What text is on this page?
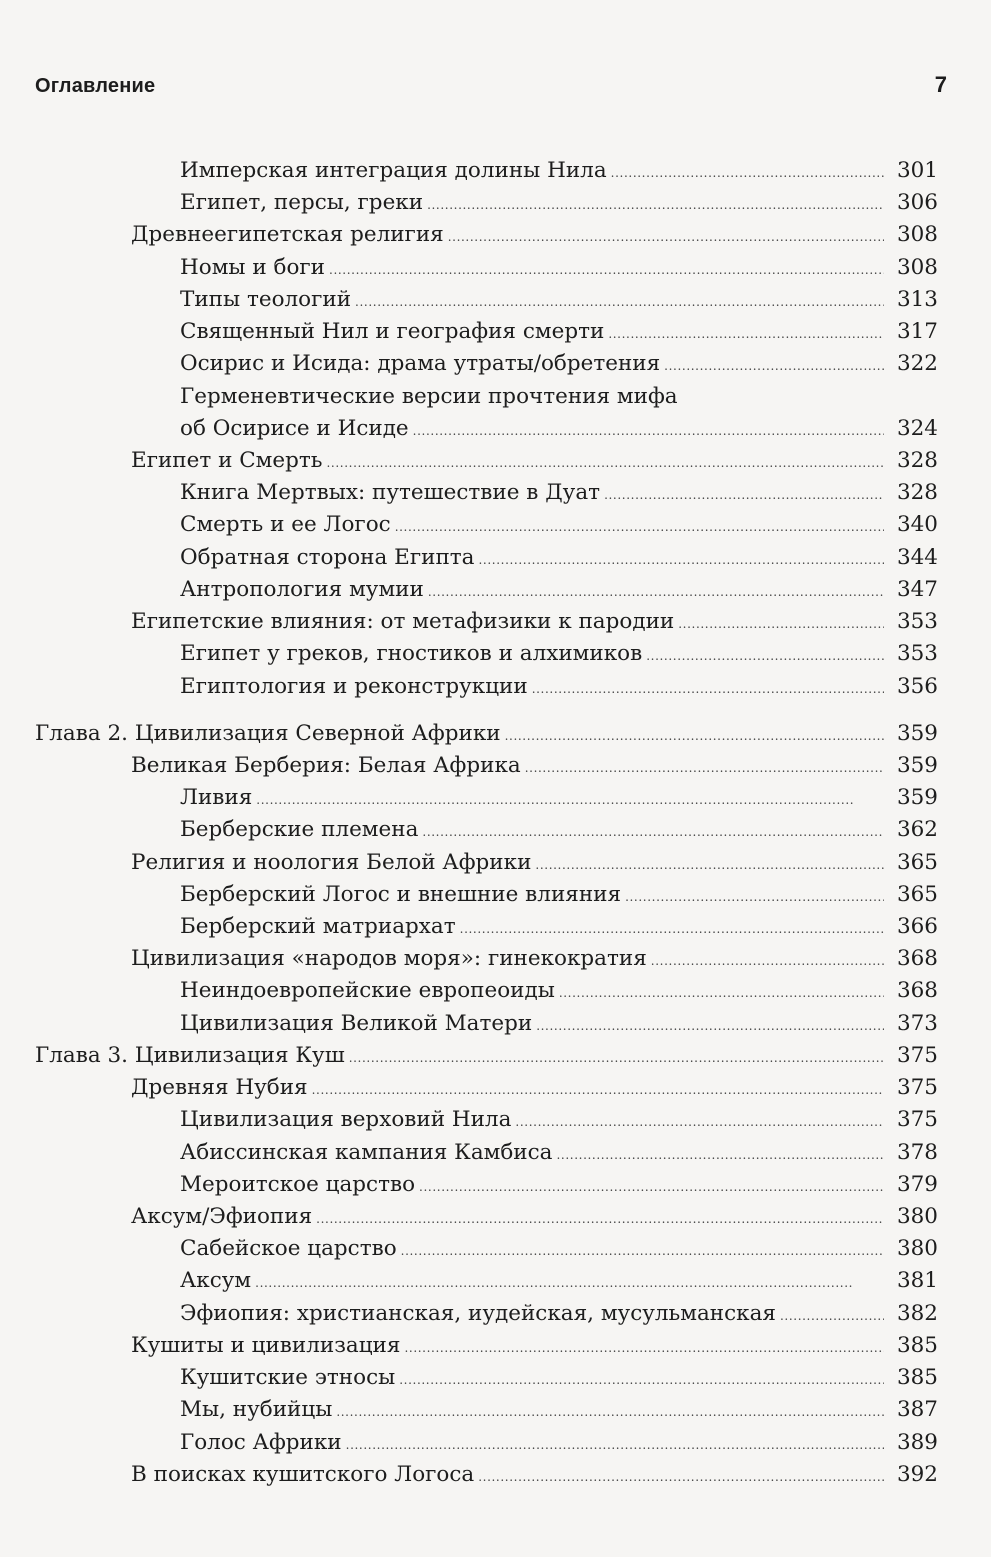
Оглавление	7
Имперская интеграция долины Нила . . .	301
Египет, персы, греки . . .	306
Древнеегипетская религия . . .	308
Номы и боги . . .	308
Типы теологий . . .	313
Священный Нил и география смерти . . .	317
Осирис и Исида: драма утраты/обретения . . .	322
Герменевтические версии прочтения мифа
об Осирисе и Исиде . . .	324
Египет и Смерть . . .	328
Книга Мертвых: путешествие в Дуат . . .	328
Смерть и ее Логос . . .	340
Обратная сторона Египта . . .	344
Антропология мумии . . .	347
Египетские влияния: от метафизики к пародии . . .	353
Египет у греков, гностиков и алхимиков . . .	353
Египтология и реконструкции . . .	356
Глава 2. Цивилизация Северной Африки . . .	359
Великая Берберия: Белая Африка . . .	359
Ливия . . .	359
Берберские племена . . .	362
Религия и ноология Белой Африки . . .	365
Берберский Логос и внешние влияния . . .	365
Берберский матриархат . . .	366
Цивилизация «народов моря»: гинекократия . . .	368
Неиндоевропейские европеоиды . . .	368
Цивилизация Великой Матери . . .	373
Глава 3. Цивилизация Куш . . .	375
Древняя Нубия . . .	375
Цивилизация верховий Нила . . .	375
Абиссинская кампания Камбиса . . .	378
Мероитское царство . . .	379
Аксум/Эфиопия . . .	380
Сабейское царство . . .	380
Аксум . . .	381
Эфиопия: христианская, иудейская, мусульманская . . .	382
Кушиты и цивилизация . . .	385
Кушитские этносы . . .	385
Мы, нубийцы . . .	387
Голос Африки . . .	389
В поисках кушитского Логоса . . .	392
